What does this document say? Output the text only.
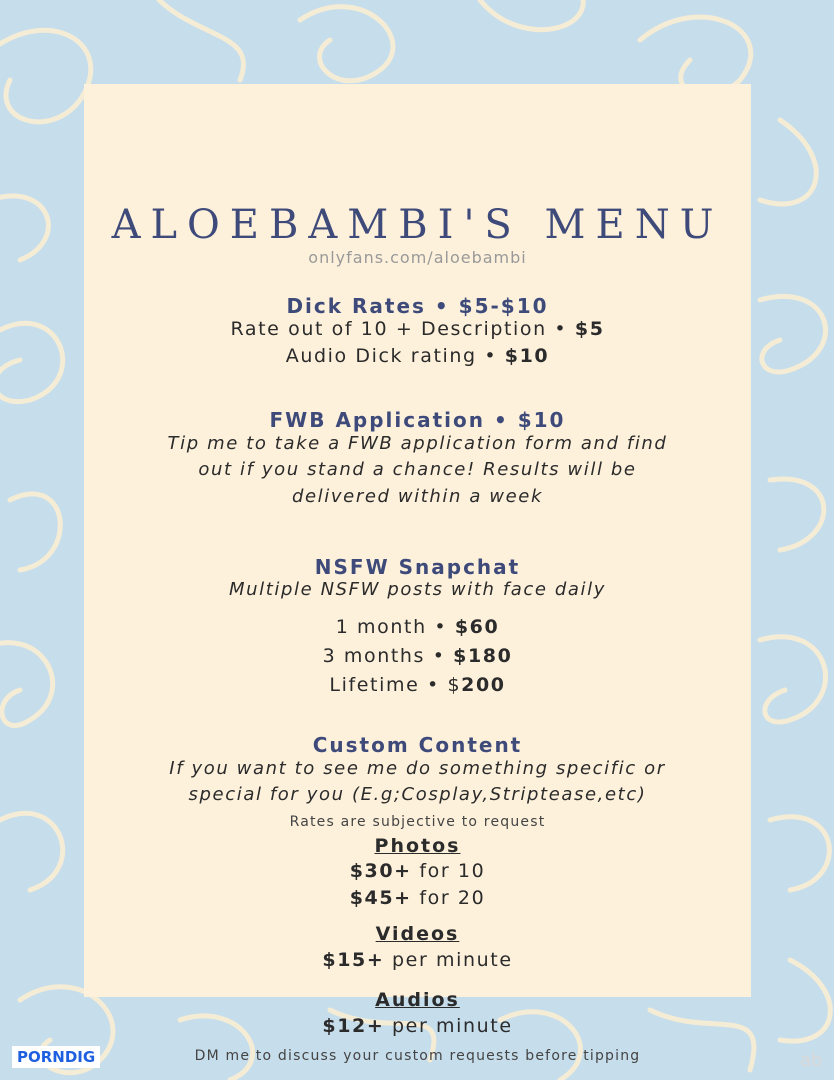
ALOEBAMBI'S MENU
onlyfans.com/aloebambi
Dick Rates • $5-$10
Rate out of 10 + Description • $5
Audio Dick rating • $10
FWB Application • $10
Tip me to take a FWB application form and find
out if you stand a chance! Results will be
delivered within a week
NSFW Snapchat
Multiple NSFW posts with face daily
1 month • $60
3 months • $180
Lifetime • $200
Custom Content
If you want to see me do something specific or
special for you (E.g;Cosplay,Striptease,etc)
Rates are subjective to request
Photos
$30+ for 10
$45+ for 20
Videos
$15+ per minute
Audios
$12+ per minute
DM me to discuss your custom requests before tipping
PORNDIG	ab
